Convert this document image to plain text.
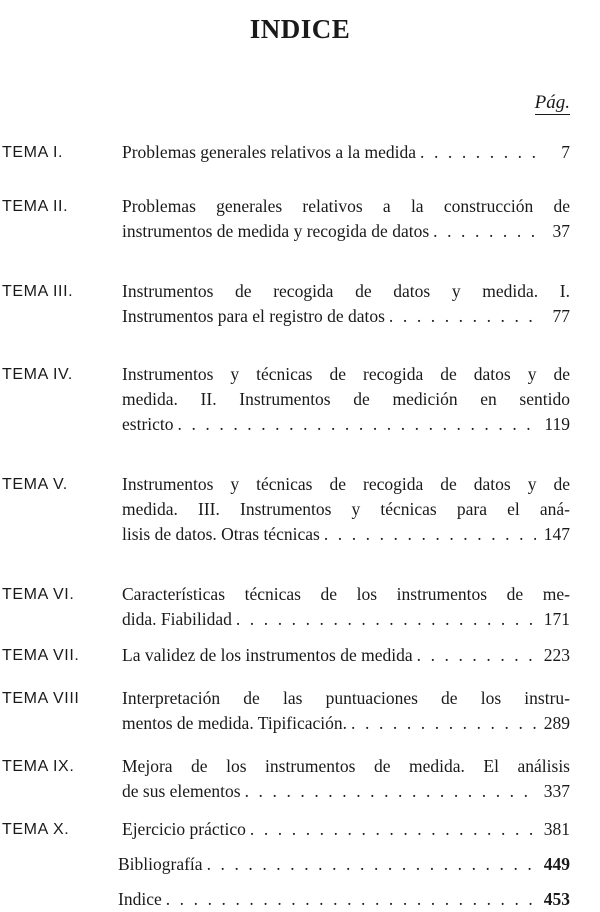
INDICE
Pág.
TEMA I.	Problemas generales relativos a la medida . . .	7
TEMA II.	Problemas generales relativos a la construcción de
instrumentos de medida y recogida de datos . . .	37
TEMA III.	Instrumentos de recogida de datos y medida. I.
Instrumentos para el registro de datos . . .	77
TEMA IV.	Instrumentos y técnicas de recogida de datos y de
medida. II. Instrumentos de medición en sentido
estricto . . .	119
TEMA V.	Instrumentos y técnicas de recogida de datos y de
medida. III. Instrumentos y técnicas para el aná-
lisis de datos. Otras técnicas . . .	147
TEMA VI.	Características técnicas de los instrumentos de me-
dida. Fiabilidad . . .	171
TEMA VII. La validez de los instrumentos de medida . . .	223
TEMA VIII Interpretación de las puntuaciones de los instru-
mentos de medida. Tipificación. . . .	289
TEMA IX.	Mejora de los instrumentos de medida. El análisis
de sus elementos . . .	337
TEMA X.	Ejercicio práctico . . .	381
Bibliografía . . .	449
Indice . . .	453
